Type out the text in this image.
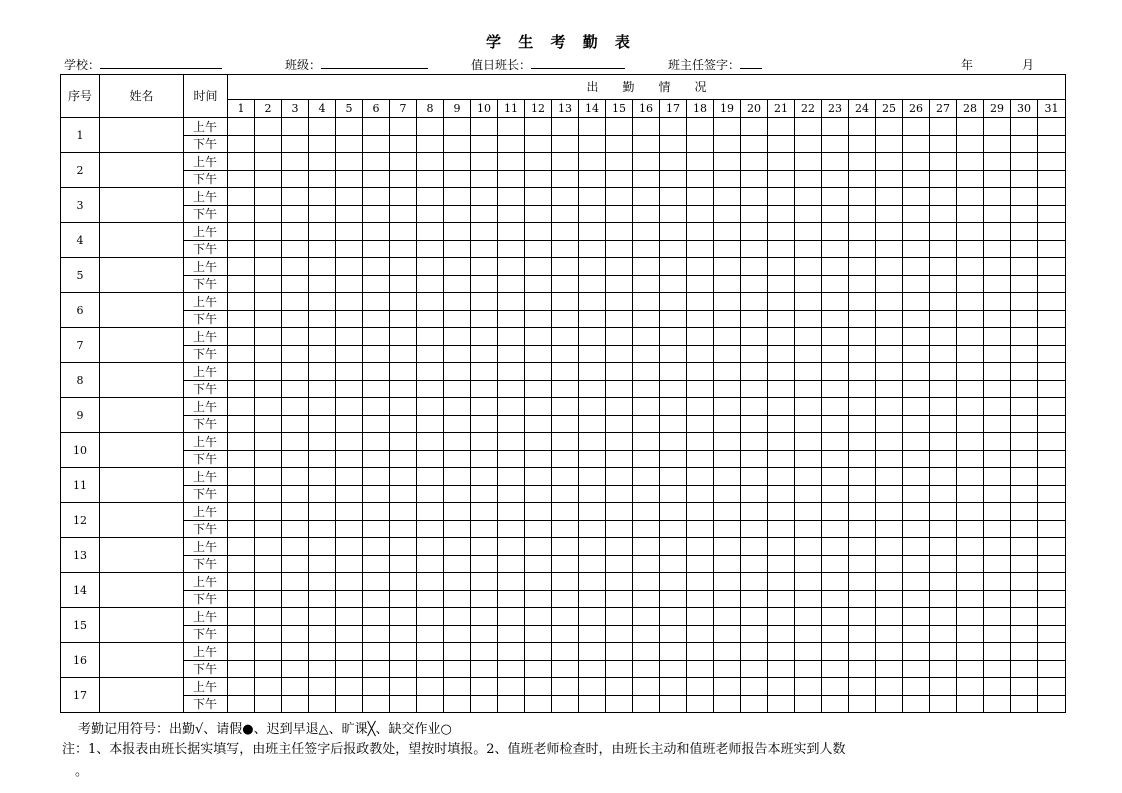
学 生 考 勤 表
学校：	班级：	值日班长：	班主任签字：	年	月
序号	姓名	时间	出　　勤　　情　　况																														
			1	2	3	4	5	6	7	8	9	10	11	12	13	14	15	16	17	18	19	20	21	22	23	24	25	26	27	28	29	30	31
1		上午																															
		下午																															
2		上午																															
		下午																															
3		上午																															
		下午																															
4		上午																															
		下午																															
5		上午																															
		下午																															
6		上午																															
		下午																															
7		上午																															
		下午																															
8		上午																															
		下午																															
9		上午																															
		下午																															
10		上午																															
		下午																															
11		上午																															
		下午																															
12		上午																															
		下午																															
13		上午																															
		下午																															
14		上午																															
		下午																															
15		上午																															
		下午																															
16		上午																															
		下午																															
17		上午																															
		下午																															
考勤记用符号：出勤√、请假●、迟到早退△、旷课╳、缺交作业○
注：1、本报表由班长据实填写，由班主任签字后报政教处，望按时填报。2、值班老师检查时，由班长主动和值班老师报告本班实到人数
。
